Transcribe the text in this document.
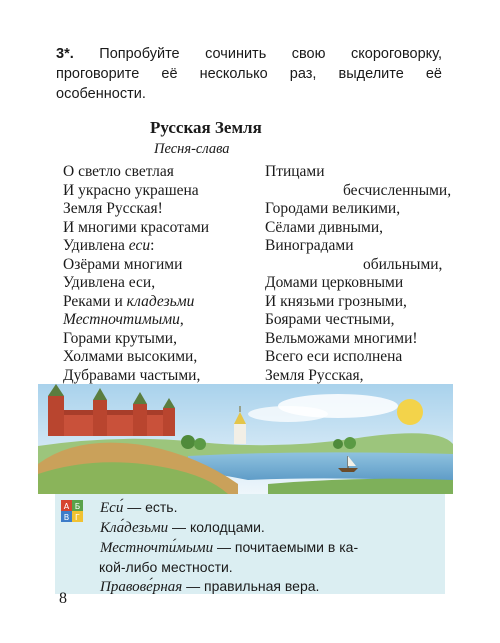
3*. Попробуйте сочинить свою скороговорку, проговорите её несколько раз, выделите её особенности.
Русская Земля
Песня-слава
О светло светлая
И украсно украшена
Земля Русская!
И многими красотами
Удивлена еси:
Озёрами многими
Удивлена еси,
Реками и кладезьми
Местночтимыми,
Горами крутыми,
Холмами высокими,
Дубравами частыми,
Птицами
бесчисленными,
Городами великими,
Сёлами дивными,
Виноградами
обильными,
Домами церковными
И князьми грозными,
Боярами честными,
Вельможами многими!
Всего еси исполнена
Земля Русская,
А Б
В Г
Еси́ — есть.
Кла́дезьми — колодцами.
Местночти́мыми — почитаемыми в ка-
кой-либо местности.
Правове́рная — правильная вера.
8
